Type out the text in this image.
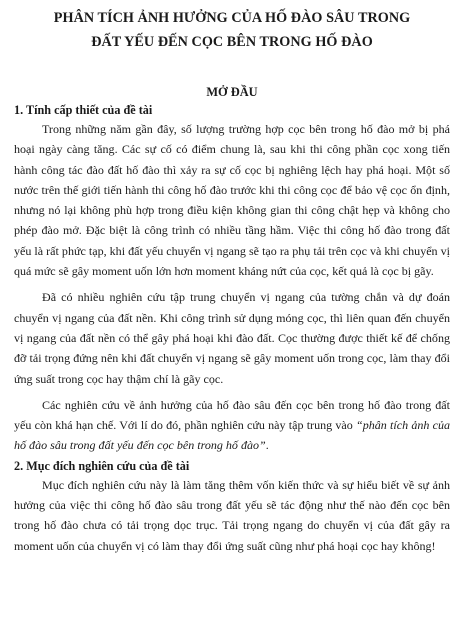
PHÂN TÍCH ẢNH HƯỞNG CỦA HỐ ĐÀO SÂU TRONG

ĐẤT YẾU ĐẾN CỌC BÊN TRONG HỐ ĐÀO

MỞ ĐẦU

1. Tính cấp thiết của đề tài

Trong những năm gần đây, số lượng trường hợp cọc bên trong hố đào mở bị phá hoại ngày càng tăng. Các sự cố có điểm chung là, sau khi thi công phần cọc xong tiến hành công tác đào đất hố đào thì xảy ra sự cố cọc bị nghiêng lệch hay phá hoại. Một số nước trên thế giới tiến hành thi công hố đào trước khi thi công cọc để bảo vệ cọc ổn định, nhưng nó lại không phù hợp trong điều kiện không gian thi công chật hẹp và không cho phép đào mở. Đặc biệt là công trình có nhiều tầng hầm. Việc thi công hố đào trong đất yếu là rất phức tạp, khi đất yếu chuyển vị ngang sẽ tạo ra phụ tải trên cọc và khi chuyển vị quá mức sẽ gây moment uốn lớn hơn moment kháng nứt của cọc, kết quả là cọc bị gãy.

Đã có nhiều nghiên cứu tập trung chuyển vị ngang của tường chắn và dự đoán chuyển vị ngang của đất nền. Khi công trình sử dụng móng cọc, thì liên quan đến chuyển vị ngang của đất nền có thể gây phá hoại khi đào đất. Cọc thường được thiết kế để chống đỡ tải trọng đứng nên khi đất chuyển vị ngang sẽ gây moment uốn trong cọc, làm thay đổi ứng suất trong cọc hay thậm chí là gãy cọc.

Các nghiên cứu về ảnh hưởng của hố đào sâu đến cọc bên trong hố đào trong đất yếu còn khá hạn chế. Với lí do đó, phần nghiên cứu này tập trung vào “phân tích ảnh của hố đào sâu trong đất yếu đến cọc bên trong hố đào”.

2. Mục đích nghiên cứu của đề tài

Mục đích nghiên cứu này là làm tăng thêm vốn kiến thức và sự hiểu biết về sự ảnh hưởng của việc thi công hố đào sâu trong đất yếu sẽ tác động như thế nào đến cọc bên trong hố đào chưa có tải trọng dọc trục. Tải trọng ngang do chuyển vị của đất gây ra moment uốn của chuyển vị có làm thay đổi ứng suất cũng như phá hoại cọc hay không!
